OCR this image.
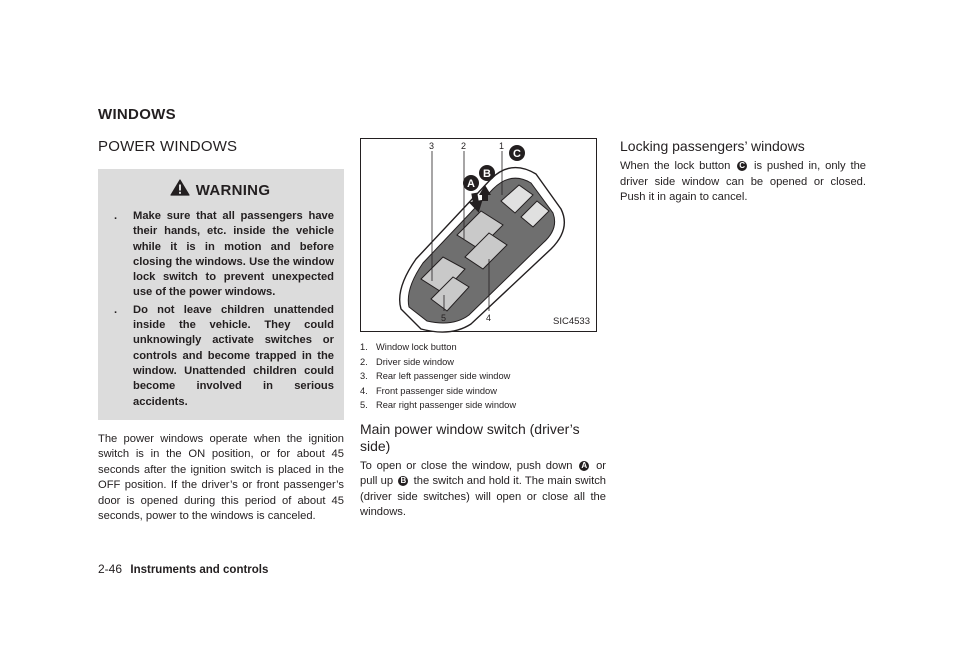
WINDOWS
POWER WINDOWS
WARNING
. Make sure that all passengers have their hands, etc. inside the vehicle while it is in motion and before closing the windows. Use the window lock switch to prevent unexpected use of the power windows.
. Do not leave children unattended inside the vehicle. They could unknowingly activate switches or controls and become trapped in the window. Unattended children could become involved in serious accidents.

The power windows operate when the ignition switch is in the ON position, or for about 45 seconds after the ignition switch is placed in the OFF position. If the driver’s or front passenger’s door is opened during this period of about 45 seconds, power to the windows is canceled.

3	2	1
5	4
A
B
C
SIC4533
1. Window lock button
2. Driver side window
3. Rear left passenger side window
4. Front passenger side window
5. Rear right passenger side window
Main power window switch (driver’s side)

To open or close the window, push down A or pull up B the switch and hold it. The main switch (driver side switches) will open or close all the windows.

Locking passengers’ windows

When the lock button C is pushed in, only the driver side window can be opened or closed. Push it in again to cancel.

2-46 Instruments and controls
